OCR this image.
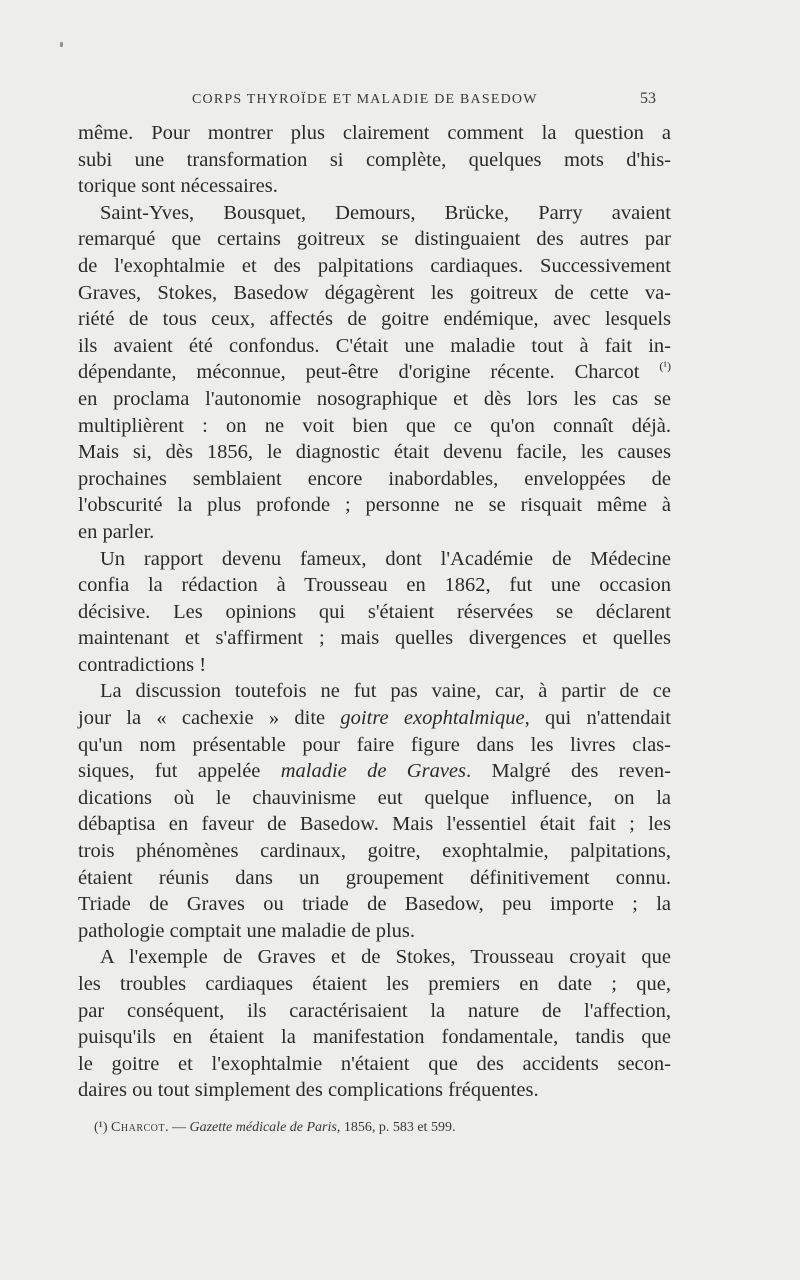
CORPS THYROÏDE ET MALADIE DE BASEDOW	53
même. Pour montrer plus clairement comment la question a
subi une transformation si complète, quelques mots d'his-
torique sont nécessaires.
Saint-Yves, Bousquet, Demours, Brücke, Parry avaient
remarqué que certains goitreux se distinguaient des autres par
de l'exophtalmie et des palpitations cardiaques. Successivement
Graves, Stokes, Basedow dégagèrent les goitreux de cette va-
riété de tous ceux, affectés de goitre endémique, avec lesquels
ils avaient été confondus. C'était une maladie tout à fait in-
dépendante, méconnue, peut-être d'origine récente. Charcot $^{(^1)}$
en proclama l'autonomie nosographique et dès lors les cas se
multiplièrent : on ne voit bien que ce qu'on connaît déjà.
Mais si, dès 1856, le diagnostic était devenu facile, les causes
prochaines semblaient encore inabordables, enveloppées de
l'obscurité la plus profonde ; personne ne se risquait même à
en parler.
Un rapport devenu fameux, dont l'Académie de Médecine
confia la rédaction à Trousseau en 1862, fut une occasion
décisive. Les opinions qui s'étaient réservées se déclarent
maintenant et s'affirment ; mais quelles divergences et quelles
contradictions !
La discussion toutefois ne fut pas vaine, car, à partir de ce
jour la « cachexie » dite goitre exophtalmique, qui n'attendait
qu'un nom présentable pour faire figure dans les livres clas-
siques, fut appelée maladie de Graves. Malgré des reven-
dications où le chauvinisme eut quelque influence, on la
débaptisa en faveur de Basedow. Mais l'essentiel était fait ; les
trois phénomènes cardinaux, goitre, exophtalmie, palpitations,
étaient réunis dans un groupement définitivement connu.
Triade de Graves ou triade de Basedow, peu importe ; la
pathologie comptait une maladie de plus.
A l'exemple de Graves et de Stokes, Trousseau croyait que
les troubles cardiaques étaient les premiers en date ; que,
par conséquent, ils caractérisaient la nature de l'affection,
puisqu'ils en étaient la manifestation fondamentale, tandis que
le goitre et l'exophtalmie n'étaient que des accidents secon-
daires ou tout simplement des complications fréquentes.
(¹) Charcot. — Gazette médicale de Paris, 1856, p. 583 et 599.
